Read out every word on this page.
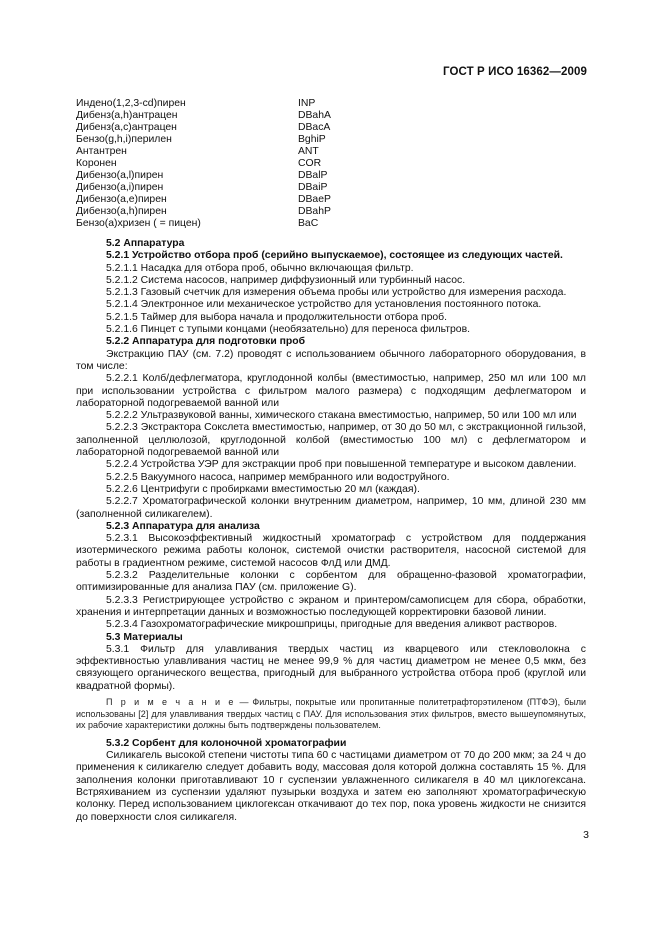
ГОСТ Р ИСО 16362—2009
Индено(1,2,3-cd)пирен	INP
Дибенз(a,h)антрацен	DBahA
Дибенз(a,c)антрацен	DBacA
Бензо(g,h,i)перилен	BghiP
Антантрен	ANT
Коронен	COR
Дибензо(a,l)пирен	DBalP
Дибензо(a,i)пирен	DBaiP
Дибензо(a,e)пирен	DBaeP
Дибензо(a,h)пирен	DBahP
Бензо(a)хризен ( = пицен)	BaC
5.2 Аппаратура
5.2.1 Устройство отбора проб (серийно выпускаемое), состоящее из следующих частей.
5.2.1.1 Насадка для отбора проб, обычно включающая фильтр.
5.2.1.2 Система насосов, например диффузионный или турбинный насос.
5.2.1.3 Газовый счетчик для измерения объема пробы или устройство для измерения расхода.
5.2.1.4 Электронное или механическое устройство для установления постоянного потока.
5.2.1.5 Таймер для выбора начала и продолжительности отбора проб.
5.2.1.6 Пинцет с тупыми концами (необязательно) для переноса фильтров.
5.2.2 Аппаратура для подготовки проб
Экстракцию ПАУ (см. 7.2) проводят с использованием обычного лабораторного оборудования, в том числе:
5.2.2.1 Колб/дефлегматора, круглодонной колбы (вместимостью, например, 250 мл или 100 мл при использовании устройства с фильтром малого размера) с подходящим дефлегматором и лабораторной подогреваемой ванной или
5.2.2.2 Ультразвуковой ванны, химического стакана вместимостью, например, 50 или 100 мл или
5.2.2.3 Экстрактора Сокслета вместимостью, например, от 30 до 50 мл, с экстракционной гильзой, заполненной целлюлозой, круглодонной колбой (вместимостью 100 мл) с дефлегматором и лабораторной подогреваемой ванной или
5.2.2.4 Устройства УЭР для экстракции проб при повышенной температуре и высоком давлении.
5.2.2.5 Вакуумного насоса, например мембранного или водоструйного.
5.2.2.6 Центрифуги с пробирками вместимостью 20 мл (каждая).
5.2.2.7 Хроматографической колонки внутренним диаметром, например, 10 мм, длиной 230 мм (заполненной силикагелем).
5.2.3 Аппаратура для анализа
5.2.3.1 Высокоэффективный жидкостный хроматограф с устройством для поддержания изотермического режима работы колонок, системой очистки растворителя, насосной системой для работы в градиентном режиме, системой насосов ФлД или ДМД.
5.2.3.2 Разделительные колонки с сорбентом для обращенно-фазовой хроматографии, оптимизированные для анализа ПАУ (см. приложение G).
5.2.3.3 Регистрирующее устройство с экраном и принтером/самописцем для сбора, обработки, хранения и интерпретации данных и возможностью последующей корректировки базовой линии.
5.2.3.4 Газохроматографические микрошприцы, пригодные для введения аликвот растворов.
5.3 Материалы
5.3.1 Фильтр для улавливания твердых частиц из кварцевого или стекловолокна с эффективностью улавливания частиц не менее 99,9 % для частиц диаметром не менее 0,5 мкм, без связующего органического вещества, пригодный для выбранного устройства отбора проб (круглой или квадратной формы).
П р и м е ч а н и е — Фильтры, покрытые или пропитанные политетрафторэтиленом (ПТФЭ), были использованы [2] для улавливания твердых частиц с ПАУ. Для использования этих фильтров, вместо вышеупомянутых, их рабочие характеристики должны быть подтверждены пользователем.
5.3.2 Сорбент для колоночной хроматографии
Силикагель высокой степени чистоты типа 60 с частицами диаметром от 70 до 200 мкм; за 24 ч до применения к силикагелю следует добавить воду, массовая доля которой должна составлять 15 %. Для заполнения колонки приготавливают 10 г суспензии увлажненного силикагеля в 40 мл циклогексана. Встряхиванием из суспензии удаляют пузырьки воздуха и затем ею заполняют хроматографическую колонку. Перед использованием циклогексан откачивают до тех пор, пока уровень жидкости не снизится до поверхности слоя силикагеля.
3
